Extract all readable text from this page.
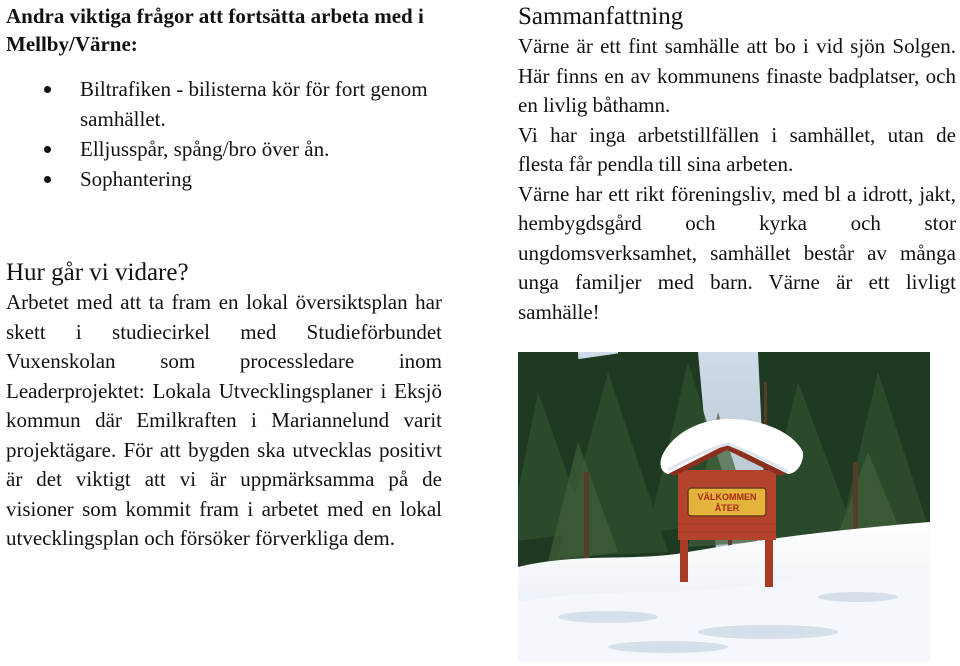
Andra viktiga frågor att fortsätta arbeta med i Mellby/Värne:

Biltrafiken - bilisterna kör för fort genom samhället.
Elljusspår, spång/bro över ån.
Sophantering
Hur går vi vidare?

Arbetet med att ta fram en lokal översiktsplan har skett i studiecirkel med Studieförbundet Vuxenskolan som processledare inom Leaderprojektet: Lokala Utvecklingsplaner i Eksjö kommun där Emilkraften i Mariannelund varit projektägare. För att bygden ska utvecklas positivt är det viktigt att vi är uppmärksamma på de visioner som kommit fram i arbetet med en lokal utvecklingsplan och försöker förverkliga dem.

Sammanfattning

Värne är ett fint samhälle att bo i vid sjön Solgen. Här finns en av kommunens finaste badplatser, och en livlig båthamn.

Vi har inga arbetstillfällen i samhället, utan de flesta får pendla till sina arbeten.

Värne har ett rikt föreningsliv, med bl a idrott, jakt, hembygdsgård och kyrka och stor ungdomsverksamhet, samhället består av många unga familjer med barn. Värne är ett livligt samhälle!

VÄLKOMMEN
ÅTER
